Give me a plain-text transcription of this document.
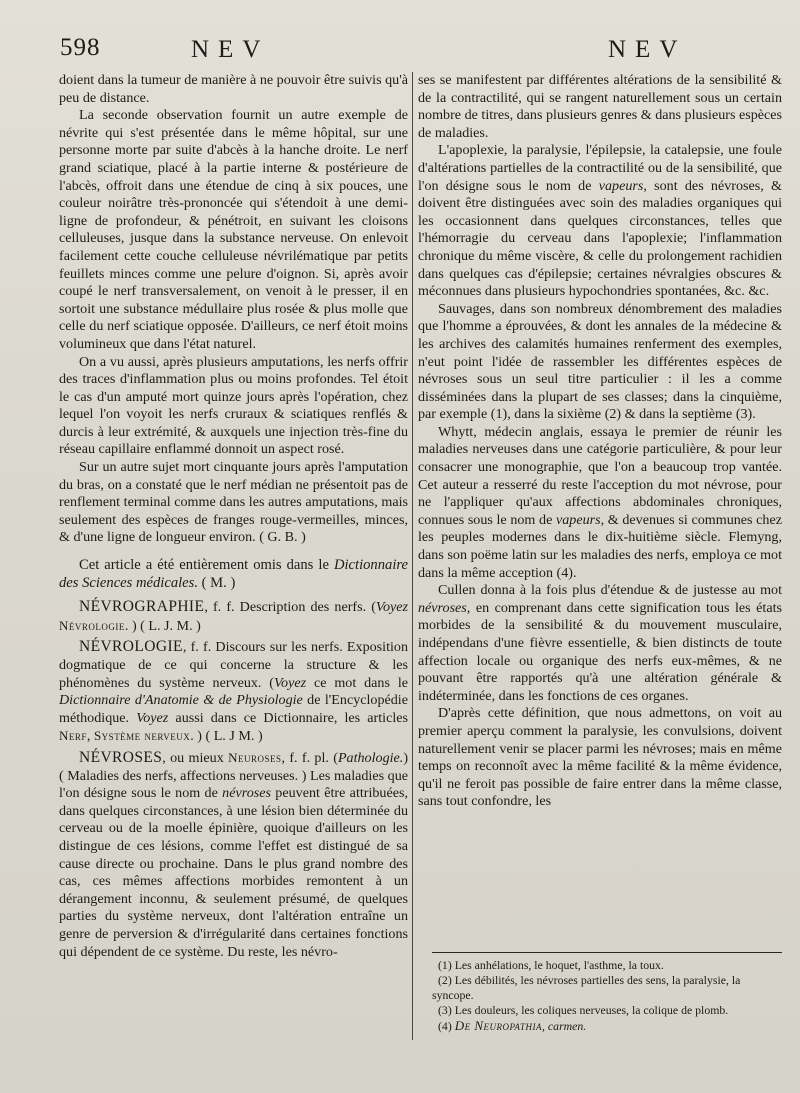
598	NEV	NEV

doient dans la tumeur de manière à ne pouvoir être suivis qu'à peu de distance.

La seconde observation fournit un autre exemple de névrite qui s'est présentée dans le même hôpital, sur une personne morte par suite d'abcès à la hanche droite. Le nerf grand sciatique, placé à la partie interne & postérieure de l'abcès, offroit dans une étendue de cinq à six pouces, une couleur noirâtre très-prononcée qui s'étendoit à une demi-ligne de profondeur, & pénétroit, en suivant les cloisons celluleuses, jusque dans la substance nerveuse. On enlevoit facilement cette couche celluleuse névrilématique par petits feuillets minces comme une pelure d'oignon. Si, après avoir coupé le nerf transversalement, on venoit à le presser, il en sortoit une substance médullaire plus rosée & plus molle que celle du nerf sciatique opposée. D'ailleurs, ce nerf étoit moins volumineux que dans l'état naturel.

On a vu aussi, après plusieurs amputations, les nerfs offrir des traces d'inflammation plus ou moins profondes. Tel étoit le cas d'un amputé mort quinze jours après l'opération, chez lequel l'on voyoit les nerfs cruraux & sciatiques renflés & durcis à leur extrémité, & auxquels une injection très-fine du réseau capillaire enflammé donnoit un aspect rosé.

Sur un autre sujet mort cinquante jours après l'amputation du bras, on a constaté que le nerf médian ne présentoit pas de renflement terminal comme dans les autres amputations, mais seulement des espèces de franges rouge-vermeilles, minces, & d'une ligne de longueur environ. ( G. B. )

Cet article a été entièrement omis dans le Dictionnaire des Sciences médicales. ( M. )

NÉVROGRAPHIE, f. f. Description des nerfs. (Voyez Névrologie. ) ( L. J. M. )

NÉVROLOGIE, f. f. Discours sur les nerfs. Exposition dogmatique de ce qui concerne la structure & les phénomènes du système nerveux. (Voyez ce mot dans le Dictionnaire d'Anatomie & de Physiologie de l'Encyclopédie méthodique. Voyez aussi dans ce Dictionnaire, les articles Nerf, Système nerveux. ) ( L. J M. )

NÉVROSES, ou mieux Neuroses, f. f. pl. (Pathologie.) ( Maladies des nerfs, affections nerveuses. ) Les maladies que l'on désigne sous le nom de névroses peuvent être attribuées, dans quelques circonstances, à une lésion bien déterminée du cerveau ou de la moelle épinière, quoique d'ailleurs on les distingue de ces lésions, comme l'effet est distingué de sa cause directe ou prochaine. Dans le plus grand nombre des cas, ces mêmes affections morbides remontent à un dérangement inconnu, & seulement présumé, de quelques parties du système nerveux, dont l'altération entraîne un genre de perversion & d'irrégularité dans certaines fonctions qui dépendent de ce système. Du reste, les névro-

ses se manifestent par différentes altérations de la sensibilité & de la contractilité, qui se rangent naturellement sous un certain nombre de titres, dans plusieurs genres & dans plusieurs espèces de maladies.

L'apoplexie, la paralysie, l'épilepsie, la catalepsie, une foule d'altérations partielles de la contractilité ou de la sensibilité, que l'on désigne sous le nom de vapeurs, sont des névroses, & doivent être distinguées avec soin des maladies organiques qui les occasionnent dans quelques circonstances, telles que l'hémorragie du cerveau dans l'apoplexie; l'inflammation chronique du même viscère, & celle du prolongement rachidien dans quelques cas d'épilepsie; certaines névralgies obscures & méconnues dans plusieurs hypochondries spontanées, &c. &c.

Sauvages, dans son nombreux dénombrement des maladies que l'homme a éprouvées, & dont les annales de la médecine & les archives des calamités humaines renferment des exemples, n'eut point l'idée de rassembler les différentes espèces de névroses sous un seul titre particulier : il les a comme disséminées dans la plupart de ses classes; dans la cinquième, par exemple (1), dans la sixième (2) & dans la septième (3).

Whytt, médecin anglais, essaya le premier de réunir les maladies nerveuses dans une catégorie particulière, & pour leur consacrer une monographie, que l'on a beaucoup trop vantée. Cet auteur a resserré du reste l'acception du mot névrose, pour ne l'appliquer qu'aux affections abdominales chroniques, connues sous le nom de vapeurs, & devenues si communes chez les peuples modernes dans le dix-huitième siècle. Flemyng, dans son poëme latin sur les maladies des nerfs, employa ce mot dans la même acception (4).

Cullen donna à la fois plus d'étendue & de justesse au mot névroses, en comprenant dans cette signification tous les états morbides de la sensibilité & du mouvement musculaire, indépendans d'une fièvre essentielle, & bien distincts de toute affection locale ou organique des nerfs eux-mêmes, & ne pouvant être rapportés qu'à une altération générale & indéterminée, dans les fonctions de ces organes.

D'après cette définition, que nous admettons, on voit au premier aperçu comment la paralysie, les convulsions, doivent naturellement venir se placer parmi les névroses; mais en même temps on reconnoît avec la même facilité & la même évidence, qu'il ne feroit pas possible de faire entrer dans la même classe, sans tout confondre, les

(1) Les anhélations, le hoquet, l'asthme, la toux.

(2) Les débilités, les névroses partielles des sens, la paralysie, la syncope.

(3) Les douleurs, les coliques nerveuses, la colique de plomb.

(4) De Neuropathia, carmen.
